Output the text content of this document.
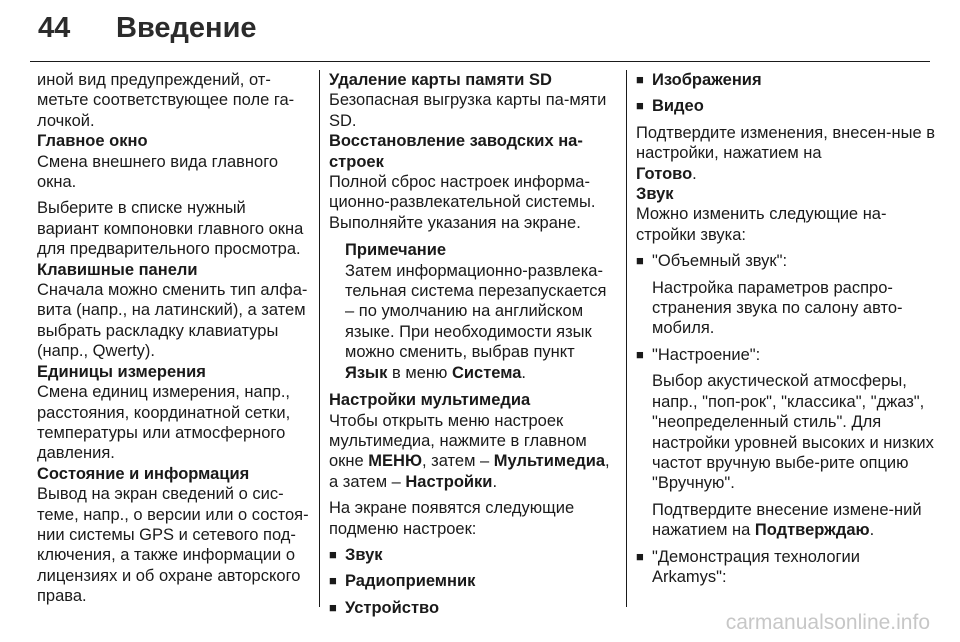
44 Введение

иной вид предупреждений, от-метьте соответствующее поле га-лочкой.

Главное окно

Смена внешнего вида главного окна.

Выберите в списке нужный вариант компоновки главного окна для предварительного просмотра.

Клавишные панели

Сначала можно сменить тип алфа-вита (напр., на латинский), а затем выбрать раскладку клавиатуры (напр., Qwerty).

Единицы измерения

Смена единиц измерения, напр., расстояния, координатной сетки, температуры или атмосферного давления.

Состояние и информация

Вывод на экран сведений о сис-теме, напр., о версии или о состоя-нии системы GPS и сетевого под-ключения, а также информации о лицензиях и об охране авторского права.

Удаление карты памяти SD

Безопасная выгрузка карты па-мяти SD.

Восстановление заводских на-строек

Полной сброс настроек информа-ционно-развлекательной системы. Выполняйте указания на экране.

Примечание

Затем информационно-развлека-тельная система перезапускается – по умолчанию на английском языке. При необходимости язык можно сменить, выбрав пункт Язык в меню Система.

Настройки мультимедиа

Чтобы открыть меню настроек мультимедиа, нажмите в главном окне МЕНЮ, затем – Мультимедиа, а затем – Настройки.

На экране появятся следующие подменю настроек:

■ Звук
■ Радиоприемник
■ Устройство
■ Изображения
■ Видео

Подтвердите изменения, внесен-ные в настройки, нажатием на
Готово.

Звук

Можно изменить следующие на-стройки звука:

■ "Объемный звук":

Настройка параметров распро-странения звука по салону авто-мобиля.

■ "Настроение":

Выбор акустической атмосферы, напр., "поп-рок", "классика", "джаз", "неопределенный стиль". Для настройки уровней высоких и низких частот вручную выбе-рите опцию "Вручную".

Подтвердите внесение измене-ний нажатием на Подтверждаю.

■ "Демонстрация технологии Arkamys":

carmanualsonline.info
